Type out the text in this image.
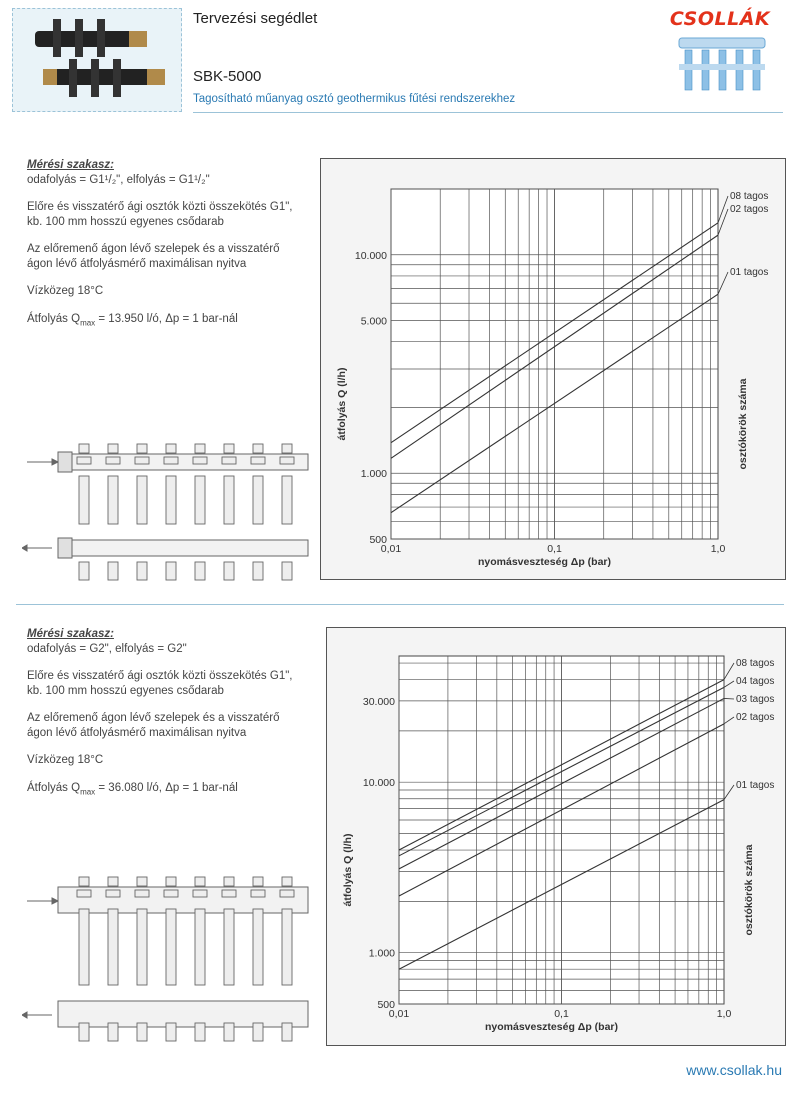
Tervezési segédlet
SBK-5000
Tagosítható műanyag osztó geothermikus fűtési rendszerekhez
CSOLLÁK

Mérési szakasz:
odafolyás = G1¹/₂", elfolyás = G1¹/₂"

Előre és visszatérő ági osztók közti összekötés G1", kb. 100 mm hosszú egyenes csődarab

Az előremenő ágon lévő szelepek és a visszatérő ágon lévő átfolyásmérő maximálisan nyitva

Vízközeg 18°C

Átfolyás $Q_{max} = 13.950$ l/ó, Δp = 1 bar-nál

08 tagos
02 tagos
01 tagos
500
1.000
5.000
10.000
0,01	0,1	1,0
nyomásveszteség Δp (bar)
átfolyás Q (l/h)	osztókörök száma

Mérési szakasz:
odafolyás = G2", elfolyás = G2"

Előre és visszatérő ági osztók közti összekötés G1", kb. 100 mm hosszú egyenes csődarab

Az előremenő ágon lévő szelepek és a visszatérő ágon lévő átfolyásmérő maximálisan nyitva

Vízközeg 18°C

Átfolyás $Q_{max} = 36.080$ l/ó, Δp = 1 bar-nál

08 tagos
04 tagos
03 tagos
02 tagos
01 tagos
500
1.000
10.000
30.000
0,01	0,1	1,0
nyomásveszteség Δp (bar)
átfolyás Q (l/h)	osztókörök száma
www.csollak.hu
